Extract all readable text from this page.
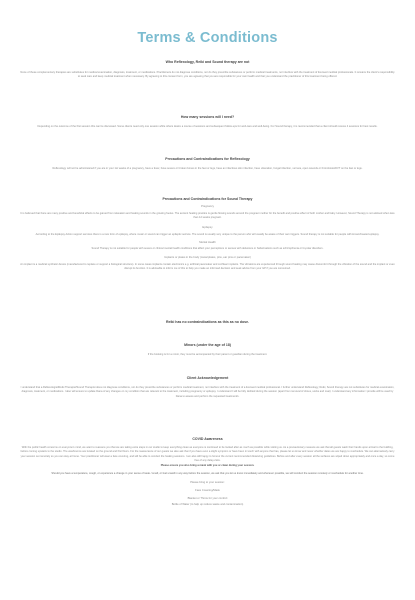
Terms & Conditions
Who Reflexology, Reiki and Sound therapy are not
None of these complementary therapies are substitutes for medical examination, diagnosis, treatment, or medications. Practitioners do not diagnose conditions, nor do they prescribe substances or perform medical treatments, nor interfere with the treatment of licensed medical professionals. It remains the client's responsibility to seek care and keep medical treatment when necessary. By agreeing to this consent form, you are agreeing that you are responsible for your own health and that you understand the practitioner of this treatment being offered.
How many sessions will I need?
Depending on the outcome of the first session this can be discussed. Some clients need only one session while others desire a course of sessions and subsequent follow-ups for well-care and well-being. For Sound therapy, it is recommended that a client should receive 4 sessions for best results.
Precautions and Contraindications for Reflexology
Reflexology will not be administered if you are in your 1st weeks of a pregnancy, have a fever, have severe or broken bones in the feet or legs, have an infectious skin infection, have ulceration, fungal infection, verruca, open wounds or thrombosis/DVT on the feet or legs.
Precautions and Contraindications for Sound Therapy
Pregnancy
It is believed that there are many positive and beneficial effects to be gained from relaxation and healing sounds in the growing foetus. The ancient healing practice is gentle flowing sounds around the pregnant mother for the benefit and positive effect of both mother and baby. However, Sound Therapy is not advised when less than 12 weeks pregnant.
Epilepsy
According to the Epilepsy Action support services there is a rare form of epilepsy, where music or sound can trigger an epileptic seizure. The sound is usually very unique to the person who will usually be aware of their own triggers. Sound therapy is not suitable for people with known/treated epilepsy.
Mental Health
Sound Therapy is not suitable for people with severe or clinical mental health conditions that affect your perceptions or senses with delusions or hallucinations such as schizophrenia or bi-polar disorders.
Implants or plates in the body (metal plates, pins, ear pins or pacemaker)
An implant is a medical synthetic device (manufactured to replace or support a biological structure). In some cases implants contain electronics e.g. artificial pacemaker and cochlear implants. The vibrations are experienced through sound healing may cause discomfort through the vibration of the sound and the implant or even disrupt its function. It is advisable to inform me of this to help you make an informed decision and seek advice from your GP if you are concerned.
Reiki has no contraindications as this as no dose.
Minors (under the age of 18)
If the booking is for a minor, they must be accompanied by their parent or guardian during the treatment.
Client Acknowledgement
I understand that a Reflexologist/Reiki Therapist/Sound Therapist does not diagnose conditions, nor do they prescribe substances or perform medical treatment, nor interfere with the treatment of a licensed medical professional. I further understand Reflexology, Reiki, Sound therapy are not substitutes for medical examination, diagnosis, treatment, or medications. I also will ensure to update Dana of any changes on my condition that are relevant to the treatment, including pregnancy or epilepsy. I understand I will be fully debited during the session (apart from removal of shoes, socks and coat). I understand any information I provide will be used by Dana to assess and perform the requested treatment/s.
COVID Awareness
With the public health concerns on everyone's mind, we want to reassure you that we are taking extra steps in our studio to keep everything clean as everyone is continued to be looked after as much as possible while visiting us. As a precautionary measure we ask that all guests wash their hands upon arrival to the building, before coming upstairs to the studio. The washrooms are located on the ground and first floors. For the reassurance of our guests we also ask that if you have even a slight symptom or have been in touch with anyone that has, please let us know and never whether dates we are happy to reschedule. We can alternatively carry your session out remotely so you can stay at home. Your practitioner will wear a face covering, and will be able to conduct the healing sessions. I am also still happy to honour the current recommended distancing guidelines. Before and after every session all the surfaces are wiped down appropriately and once a day, so come free of any delay-risks.
Please ensure you also bring a mask with you or clean during your session.
Should you have a temperature, cough, or experience a change in your sense of taste / smell, or feel unwell in any way before the session, we ask that you let us know immediately and wherever possible, we will conduct the session remotely or reschedule for another time.
Please bring to your session:
Face Covering/Mask
Blanket or Throw for your comfort
Bottle of Water (to help up reduce waste and contamination)
